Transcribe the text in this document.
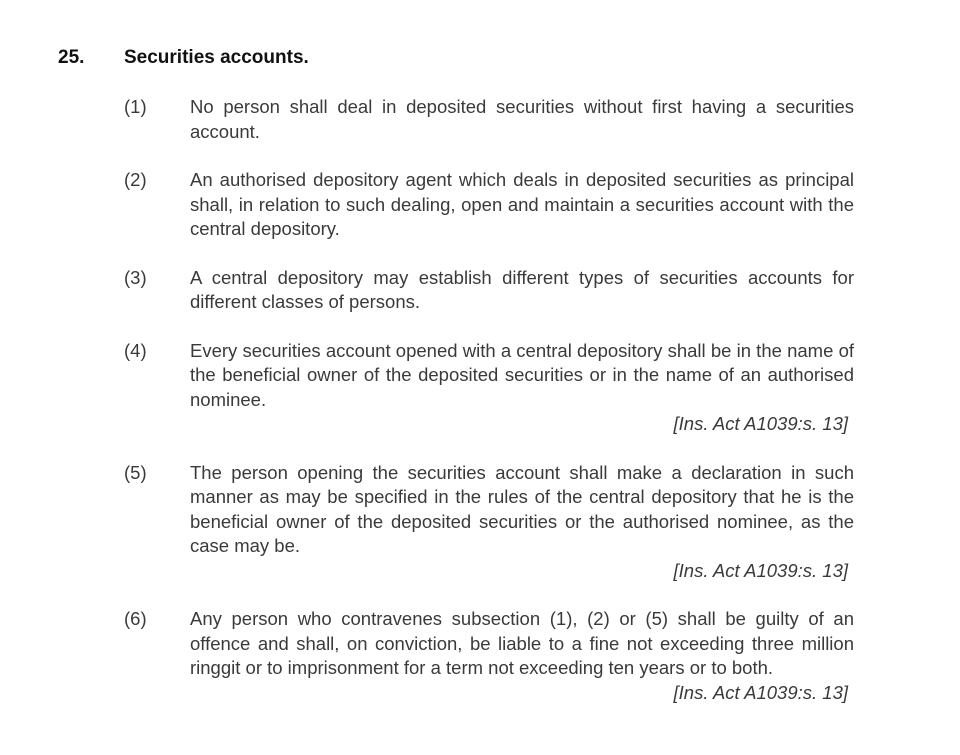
25.	Securities accounts.
(1)	No person shall deal in deposited securities without first having a securities account.

(2)	An authorised depository agent which deals in deposited securities as principal shall, in relation to such dealing, open and maintain a securities account with the central depository.

(3)	A central depository may establish different types of securities accounts for different classes of persons.

(4)	Every securities account opened with a central depository shall be in the name of the beneficial owner of the deposited securities or in the name of an authorised nominee.

[Ins. Act A1039:s. 13]
(5)	The person opening the securities account shall make a declaration in such manner as may be specified in the rules of the central depository that he is the beneficial owner of the deposited securities or the authorised nominee, as the case may be.

[Ins. Act A1039:s. 13]
(6)	Any person who contravenes subsection (1), (2) or (5) shall be guilty of an offence and shall, on conviction, be liable to a fine not exceeding three million ringgit or to imprisonment for a term not exceeding ten years or to both.

[Ins. Act A1039:s. 13]
